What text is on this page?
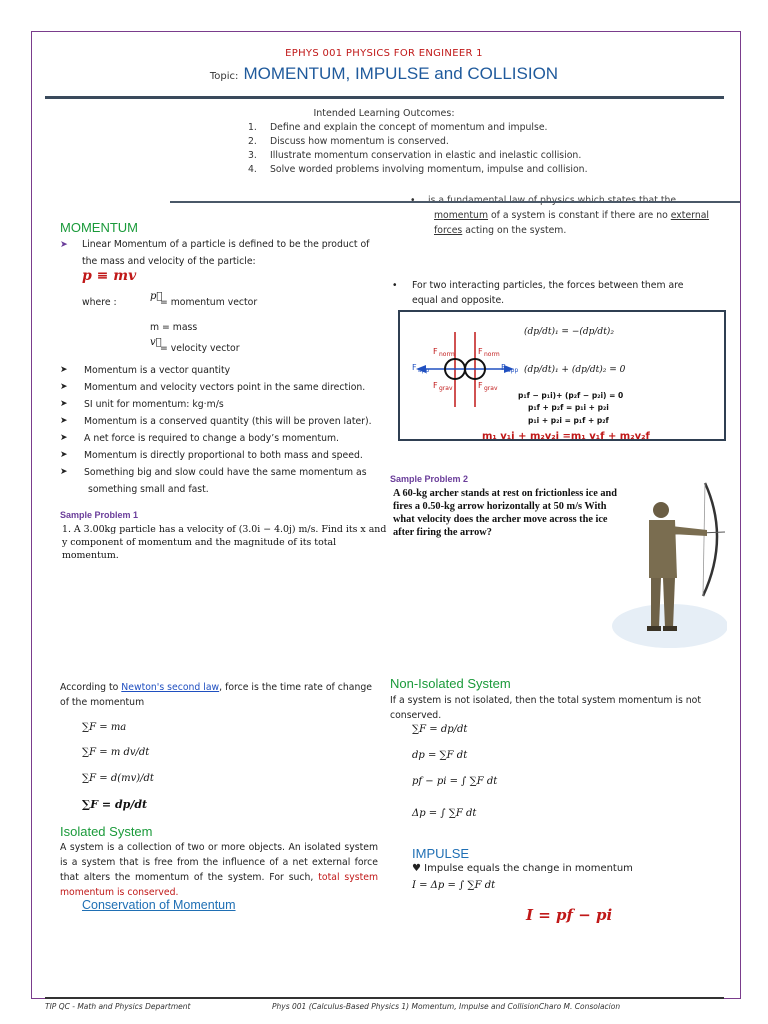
EPHYS 001 PHYSICS FOR ENGINEER 1
Topic: MOMENTUM, IMPULSE and COLLISION
Intended Learning Outcomes:
1. Define and explain the concept of momentum and impulse.
2. Discuss how momentum is conserved.
3. Illustrate momentum conservation in elastic and inelastic collision.
4. Solve worded problems involving momentum, impulse and collision.
momentum of a system is constant if there are no external
forces acting on the system.
• For two interacting particles, the forces between them are
equal and opposite.
F norm	F norm
F app	F app
F grav	F grav
(dp/dt)₁ = −(dp/dt)₂
(dp/dt)₁ + (dp/dt)₂ = 0
p₁f − p₁i)+ (p₂f − p₂i) = 0
p₁f + p₂f = p₁i + p₂i
p₁i + p₂i = p₁f + p₂f
m₁ v₁i + m₂v₂i =m₁ v₁f + m₂v₂f
MOMENTUM
➤ Linear Momentum of a particle is defined to be the product of
the mass and velocity of the particle:
p ≡ mv
where :
p⃗
= momentum vector
m = mass
v⃗
= velocity vector
➤ Momentum is a vector quantity
➤ Momentum and velocity vectors point in the same direction.
➤ SI unit for momentum: kg·m/s
➤ Momentum is a conserved quantity (this will be proven later).
➤ A net force is required to change a body’s momentum.
➤ Momentum is directly proportional to both mass and speed.
➤ Something big and slow could have the same momentum as
something small and fast.
Sample Problem 1
1. A 3.00kg particle has a velocity of (3.0i − 4.0j) m/s. Find its x and y component of momentum and the magnitude of its total momentum.
Sample Problem 2
A 60-kg archer stands at rest on frictionless ice and fires a 0.50-kg arrow horizontally at 50 m/s With what velocity does the archer move across the ice after firing the arrow?
According to Newton's second law, force is the time rate of change
of the momentum
∑F = ma
∑F = m dv/dt
∑F = d(mv)/dt
∑F = dp/dt
Isolated System
A system is a collection of two or more objects. An isolated system is a system that is free from the influence of a net external force that alters the momentum of the system. For such, total system momentum is conserved.
Conservation of Momentum
Non-Isolated System
If a system is not isolated, then the total system momentum is not conserved.
∑F = dp/dt
dp = ∑F dt
pf − pi = ∫ ∑F dt
Δp = ∫ ∑F dt
IMPULSE
♥ Impulse equals the change in momentum
I = Δp = ∫ ∑F dt
I = pf − pi
TIP QC - Math and Physics Department	Phys 001 (Calculus-Based Physics 1) Momentum, Impulse and CollisionCharo M. Consolacion
